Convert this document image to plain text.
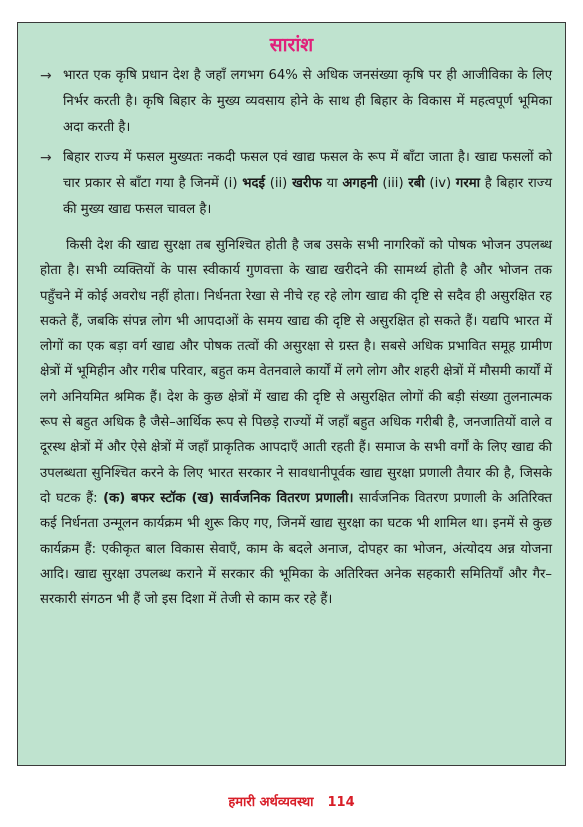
सारांश
→ भारत एक कृषि प्रधान देश है जहाँ लगभग 64% से अधिक जनसंख्या कृषि पर ही आजीविका के लिए निर्भर करती है। कृषि बिहार के मुख्य व्यवसाय होने के साथ ही बिहार के विकास में महत्वपूर्ण भूमिका अदा करती है।
→ बिहार राज्य में फसल मुख्यतः नकदी फसल एवं खाद्य फसल के रूप में बाँटा जाता है। खाद्य फसलों को चार प्रकार से बाँटा गया है जिनमें (i) भदई (ii) खरीफ या अगहनी (iii) रबी (iv) गरमा है बिहार राज्य की मुख्य खाद्य फसल चावल है।
किसी देश की खाद्य सुरक्षा तब सुनिश्चित होती है जब उसके सभी नागरिकों को पोषक भोजन उपलब्ध होता है। सभी व्यक्तियों के पास स्वीकार्य गुणवत्ता के खाद्य खरीदने की सामर्थ्य होती है और भोजन तक पहुँचने में कोई अवरोध नहीं होता। निर्धनता रेखा से नीचे रह रहे लोग खाद्य की दृष्टि से सदैव ही असुरक्षित रह सकते हैं, जबकि संपन्न लोग भी आपदाओं के समय खाद्य की दृष्टि से असुरक्षित हो सकते हैं। यद्यपि भारत में लोगों का एक बड़ा वर्ग खाद्य और पोषक तत्वों की असुरक्षा से ग्रस्त है। सबसे अधिक प्रभावित समूह ग्रामीण क्षेत्रों में भूमिहीन और गरीब परिवार, बहुत कम वेतनवाले कार्यों में लगे लोग और शहरी क्षेत्रों में मौसमी कार्यों में लगे अनियमित श्रमिक हैं। देश के कुछ क्षेत्रों में खाद्य की दृष्टि से असुरक्षित लोगों की बड़ी संख्या तुलनात्मक रूप से बहुत अधिक है जैसे–आर्थिक रूप से पिछड़े राज्यों में जहाँ बहुत अधिक गरीबी है, जनजातियों वाले व दूरस्थ क्षेत्रों में और ऐसे क्षेत्रों में जहाँ प्राकृतिक आपदाएँ आती रहती हैं। समाज के सभी वर्गों के लिए खाद्य की उपलब्धता सुनिश्चित करने के लिए भारत सरकार ने सावधानीपूर्वक खाद्य सुरक्षा प्रणाली तैयार की है, जिसके दो घटक हैं: (क) बफर स्टॉक (ख) सार्वजनिक वितरण प्रणाली। सार्वजनिक वितरण प्रणाली के अतिरिक्त कई निर्धनता उन्मूलन कार्यक्रम भी शुरू किए गए, जिनमें खाद्य सुरक्षा का घटक भी शामिल था। इनमें से कुछ कार्यक्रम हैं: एकीकृत बाल विकास सेवाएँ, काम के बदले अनाज, दोपहर का भोजन, अंत्योदय अन्न योजना आदि। खाद्य सुरक्षा उपलब्ध कराने में सरकार की भूमिका के अतिरिक्त अनेक सहकारी समितियाँ और गैर–सरकारी संगठन भी हैं जो इस दिशा में तेजी से काम कर रहे हैं।
हमारी अर्थव्यवस्था 114
